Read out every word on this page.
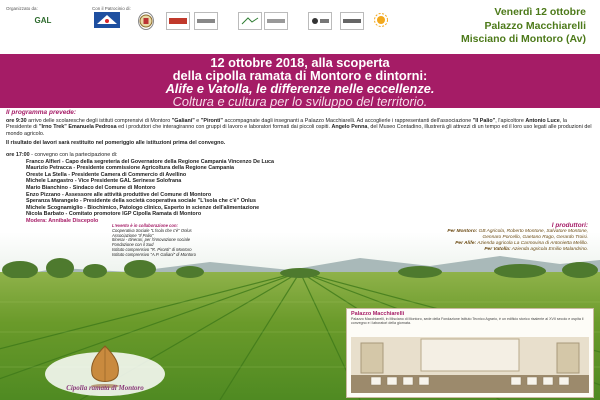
Organizzato da:	Con il Patrocinio di:
GAL
Venerdì 12 ottobre
Palazzo Macchiarelli
Misciano di Montoro (Av)
12 ottobre 2018, alla scoperta
della cipolla ramata di Montoro e dintorni:
Alife e Vatolla, le differenze nelle eccellenze.
Coltura e cultura per lo sviluppo del territorio.
Il programma prevede:
ore 9:30 arrivo delle scolaresche degli istituti comprensivi di Montoro "Galiani" e "Pironti" accompagnate dagli insegnanti a Palazzo Macchiarelli. Ad accoglierle i rappresentanti dell'associazione "Il Palio", l'apicoltore Antonio Luce, la Presidente di "Irno Trek" Emanuela Pedrosa ed i produttori che interagiranno con gruppi di lavoro e laboratori formati dai piccoli ospiti. Angelo Penna, del Museo Contadino, illustrerà gli attrezzi di un tempo ed il loro uso legati alle produzioni del mondo agricolo.
Il risultato dei lavori sarà restituito nel pomeriggio alle istituzioni prima del convegno.
ore 17:00 - convegno con la partecipazione di:
Franco Alfieri - Capo della segreteria del Governatore della Regione Campania Vincenzo De Luca
Maurizio Petracca - Presidente commissione Agricoltura della Regione Campania
Oreste La Stella - Presidente Camera di Commercio di Avellino
Michele Langastro - Vice Presidente GAL Serinese Solofrana
Mario Bianchino - Sindaco del Comune di Montoro
Enzo Pizzano - Assessore alle attività produttive del Comune di Montoro
Speranza Marangelo - Presidente della società cooperativa sociale "L'isola che c'è" Onlus
Michele Scognamiglio - Biochimico, Patologo clinico, Esperto in scienze dell'alimentazione
Nicola Barbato - Comitato promotore IGP Cipolla Ramata di Montoro
Modera: Annibale Discepolo
L'evento è in collaborazione con:
Cooperativa Sociale "L'isola che c'è" Onlus
Associazione "Il Palio"
Itinerai - Itinerari, per l'innovazione sociale
Fondazione con il Sud
Istituto comprensivo "R. Pironti" di Montoro
Istituto comprensivo "A.P. Galiani" di Montoro
I produttori:
Per Montoro: GB Agricola, Roberto Montone, Salvatore Montone,
Gennaro Porcello, Gaetano Rago, Gerardo Troisi.
Per Alife: Azienda agricola La Carmovina di Antonietta Melillo.
Per Vatolla: Azienda agricola Emilio Malandrino.
Palazzo Macchiarelli
Palazzo Macchiarelli, in Misciano di Montoro, sede della Fondazione Istituto Tecnico Agrario, è un edificio storico risalente al XVII secolo e ospita il convegno e i laboratori della giornata.
Cipolla ramata di Montoro
